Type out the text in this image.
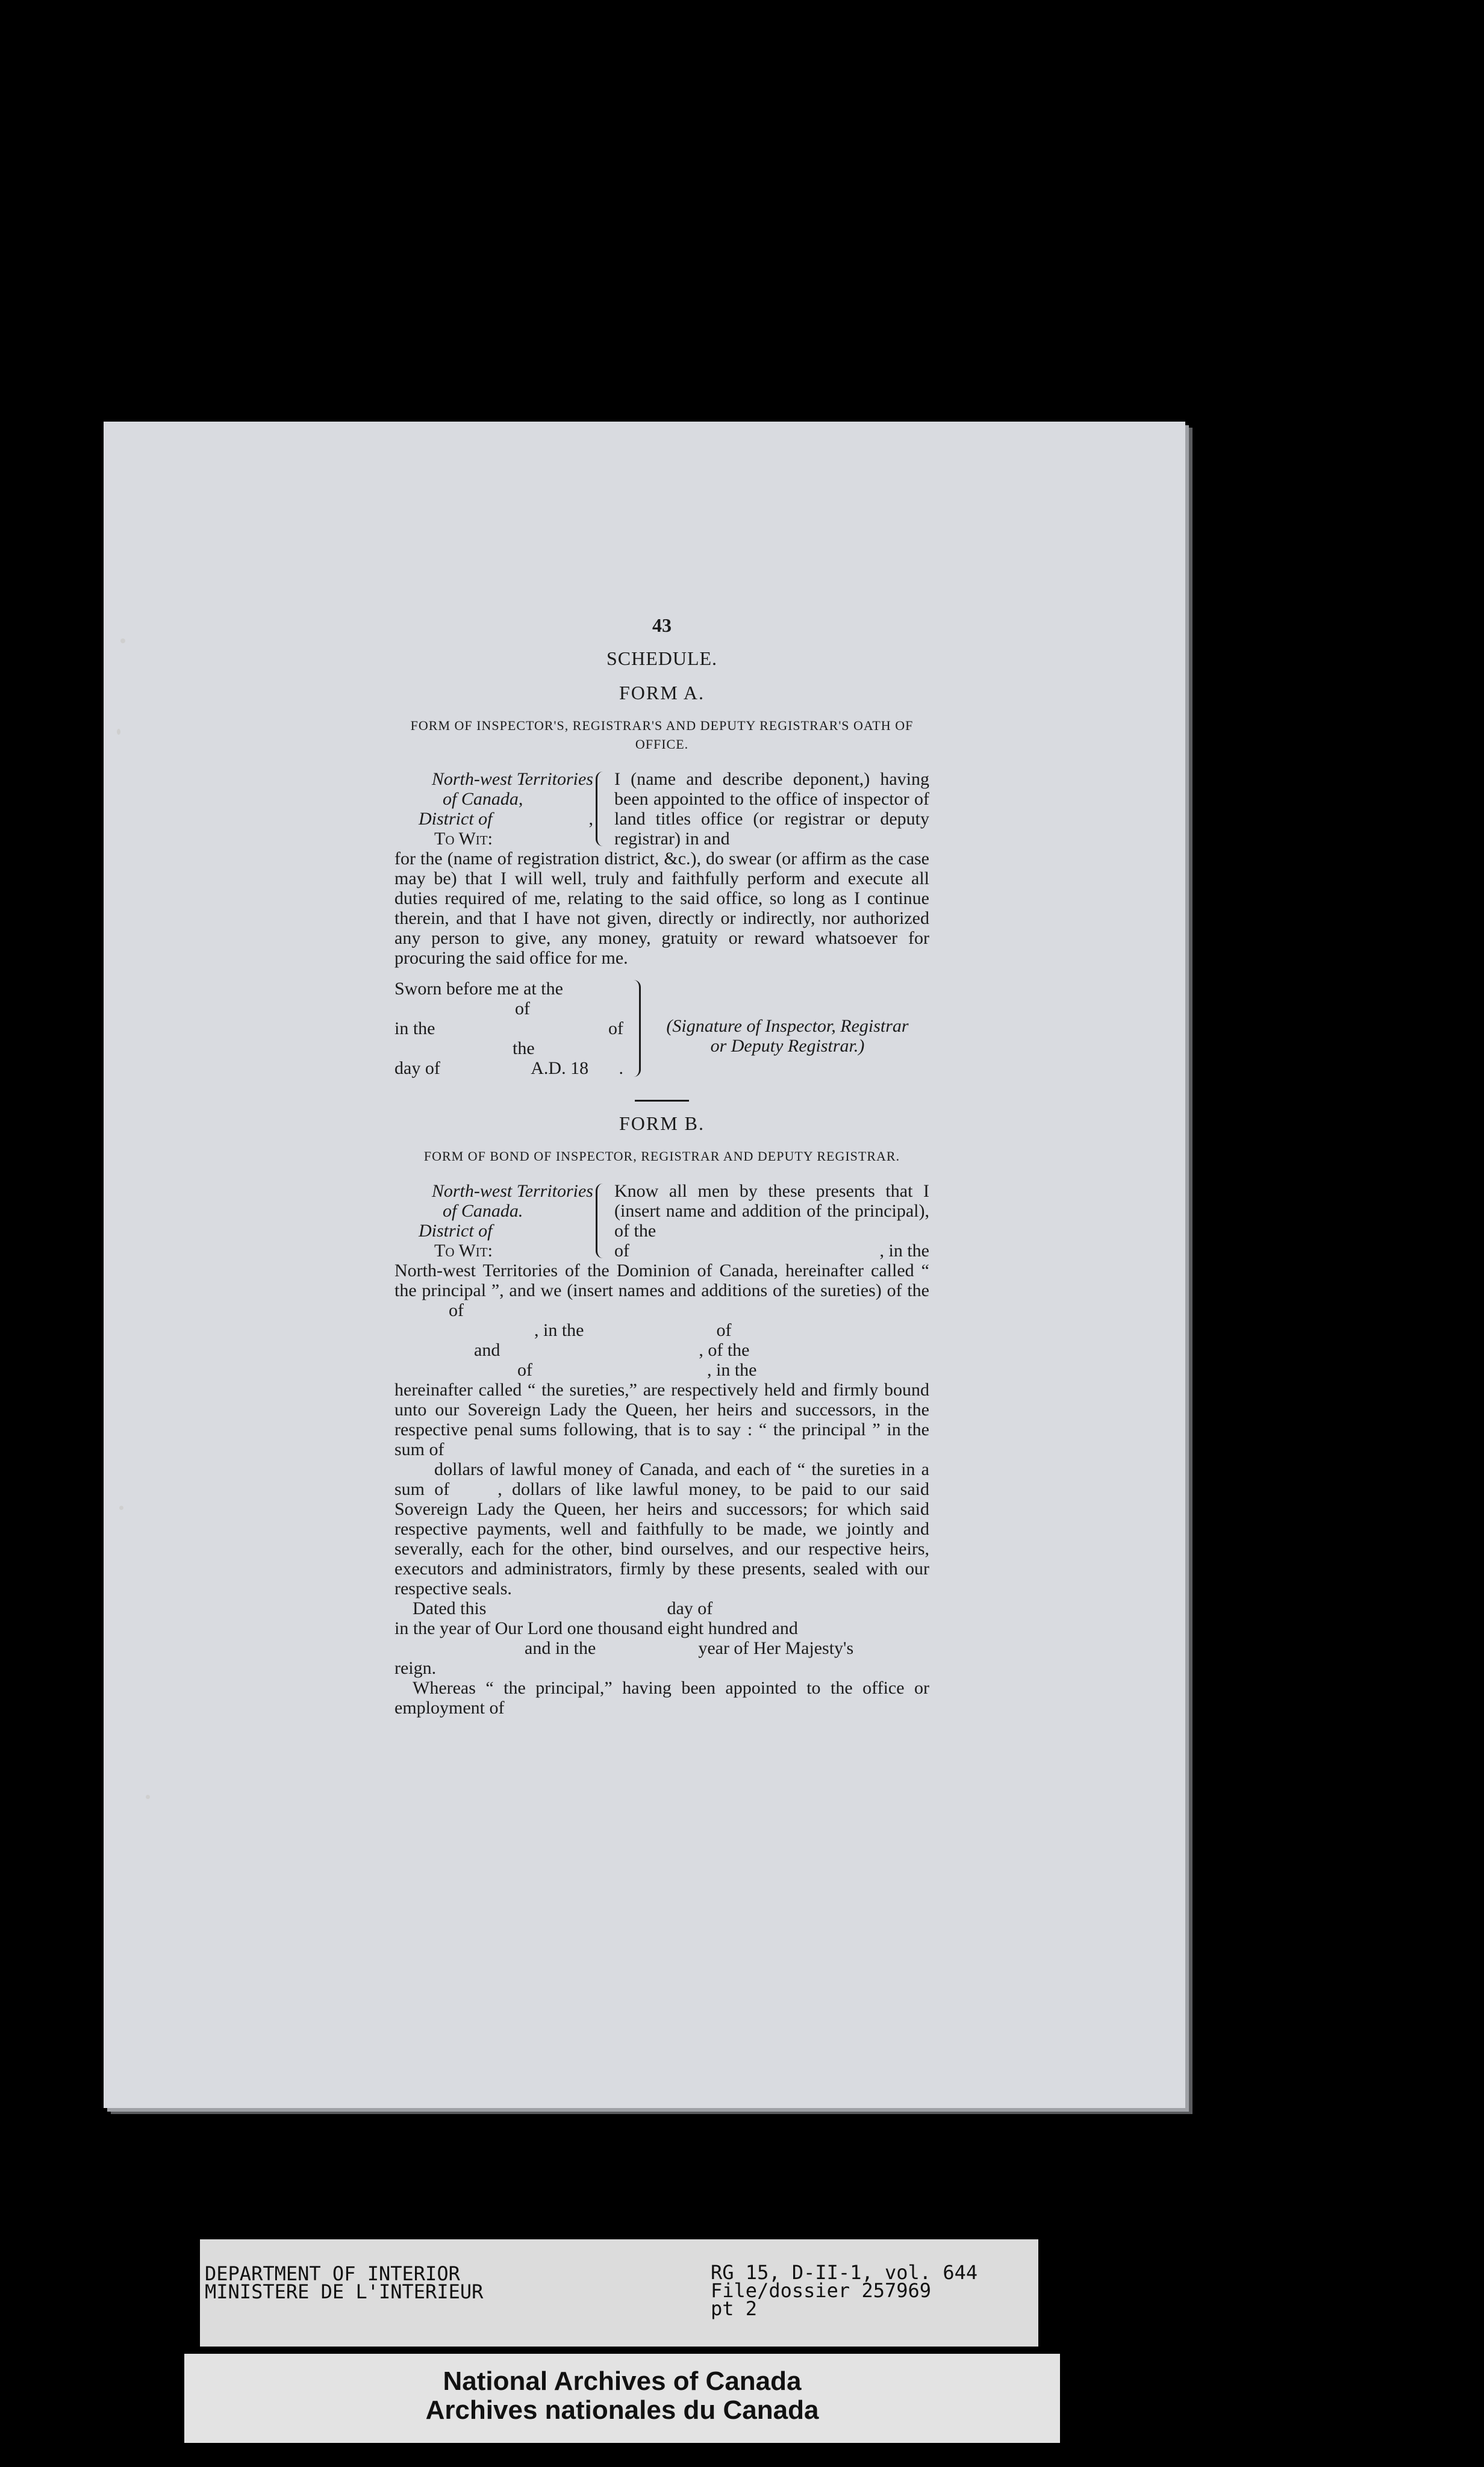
43
SCHEDULE.
FORM A.
FORM OF INSPECTOR'S, REGISTRAR'S AND DEPUTY REGISTRAR'S OATH OF OFFICE.
North-west Territories
of Canada,
District of	,
To Wit:
I (name and describe deponent,) having been appointed to the office of inspector of land titles office (or registrar or deputy registrar) in and
for the (name of registration district, &c.), do swear (or affirm as the case may be) that I will well, truly and faithfully perform and execute all duties required of me, relating to the said office, so long as I continue therein, and that I have not given, directly or indirectly, nor authorized any person to give, any money, gratuity or reward whatsoever for procuring the said office for me.
Sworn before me at the
of
in the	of
the
day of	A.D. 18 .
(Signature of Inspector, Registrar
or Deputy Registrar.)
FORM B.
FORM OF BOND OF INSPECTOR, REGISTRAR AND DEPUTY REGISTRAR.
North-west Territories
of Canada.
District of
To Wit:
Know all men by these presents that I (insert name and addition of the principal), of the
of	, in the
North-west Territories of the Dominion of Canada, hereinafter called “ the principal ”, and we (insert names and additions of the sureties) of theof
, in the	of
and	, of the
of	, in the
hereinafter called “ the sureties,” are respectively held and firmly bound unto our Sovereign Lady the Queen, her heirs and successors, in the respective penal sums following, that is to say : “ the principal ” in the sum of
dollars of lawful money of Canada, and each of “ the sureties in a sum of	, dollars of like lawful money, to be paid to our said Sovereign Lady the Queen, her heirs and successors; for which said respective payments, well and faithfully to be made, we jointly and severally, each for the other, bind ourselves, and our respective heirs, executors and administrators, firmly by these presents, sealed with our respective seals.
Dated this	day of
in the year of Our Lord one thousand eight hundred and
and in the	year of Her Majesty's
reign.
Whereas “ the principal,” having been appointed to the office or employment of
DEPARTMENT OF INTERIOR
MINISTERE DE L'INTERIEUR
RG 15, D-II-1, vol. 644
File/dossier 257969
pt 2
National Archives of Canada
Archives nationales du Canada
